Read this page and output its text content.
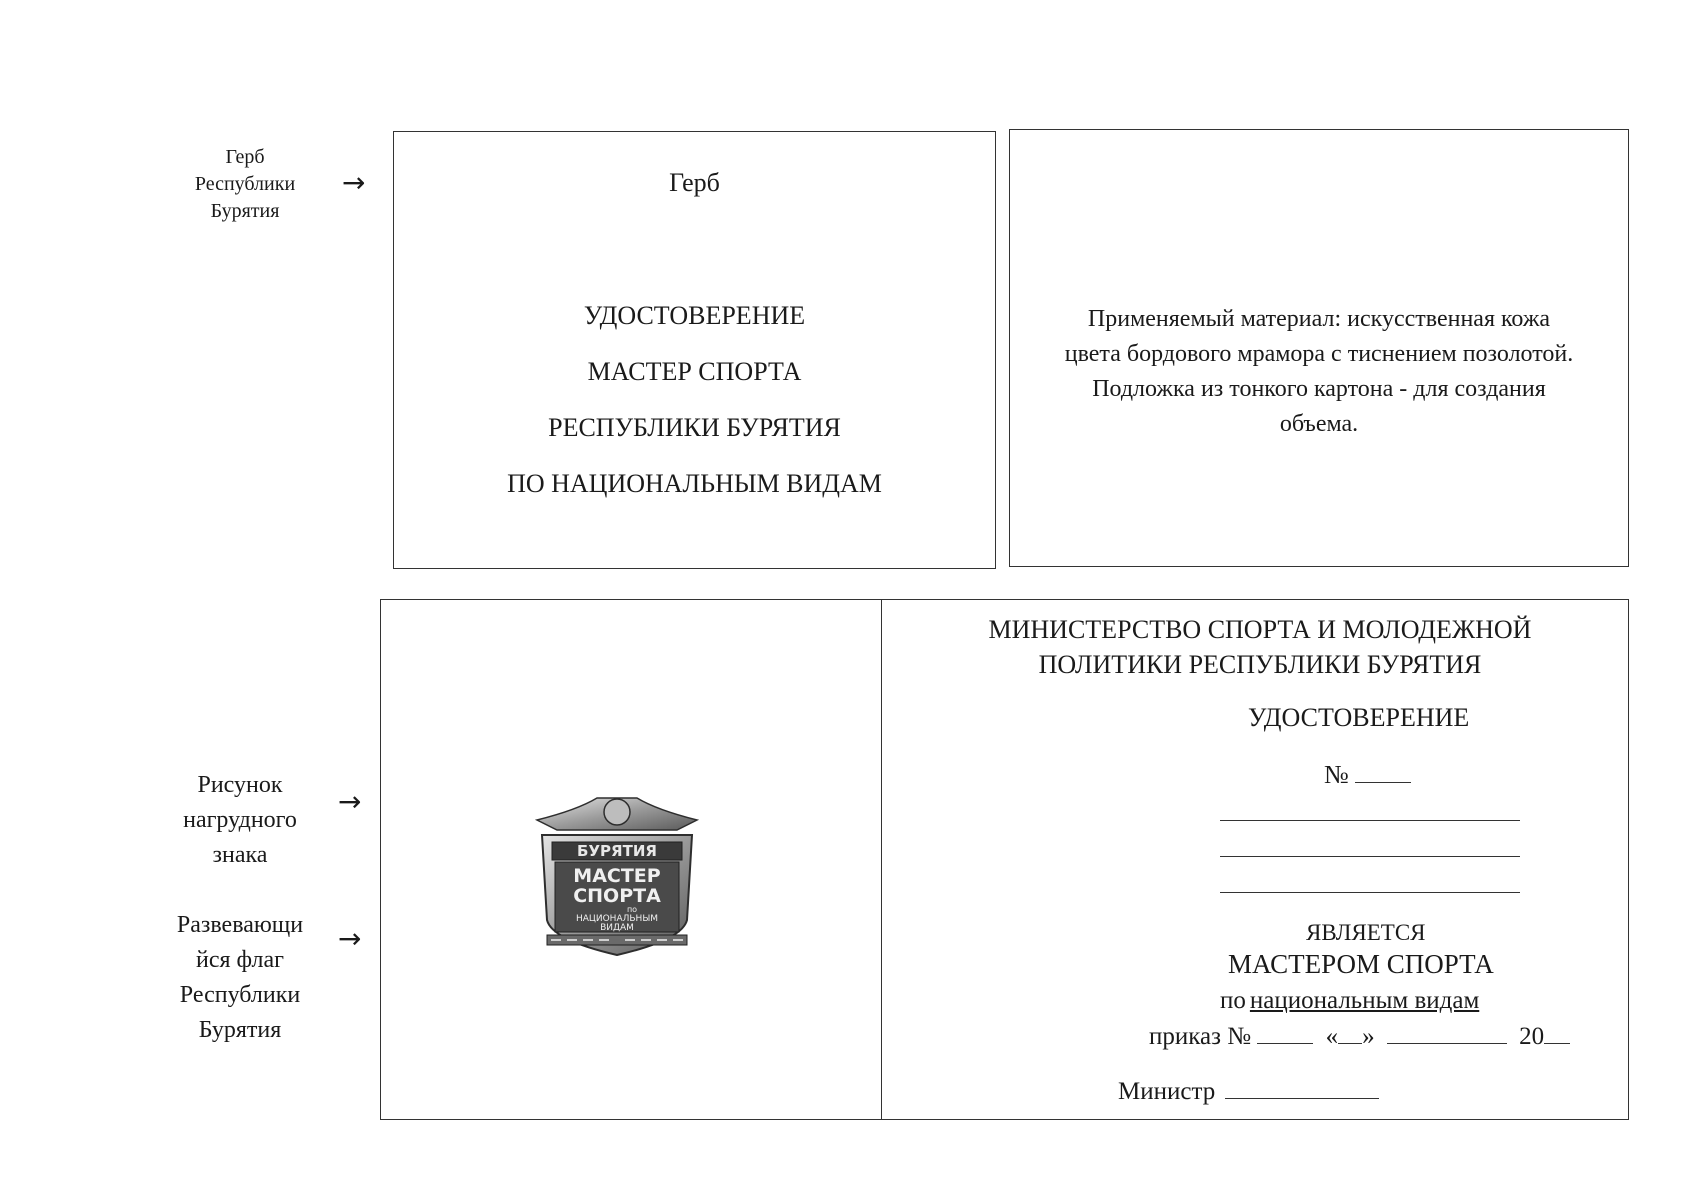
Герб
Республики
Бурятия
→
Рисунок
нагрудного
знака
→
Развевающи
йся флаг
Республики
Бурятия
→
Герб
УДОСТОВЕРЕНИЕ
МАСТЕР СПОРТА
РЕСПУБЛИКИ БУРЯТИЯ
ПО НАЦИОНАЛЬНЫМ ВИДАМ
Применяемый материал: искусственная кожа
цвета бордового мрамора с тиснением позолотой.
Подложка из тонкого картона - для создания
объема.
БУРЯТИЯ
МАСТЕР
СПОРТА
по
НАЦИОНАЛЬНЫМ
ВИДАМ
МИНИСТЕРСТВО СПОРТА И МОЛОДЕЖНОЙ
ПОЛИТИКИ РЕСПУБЛИКИ БУРЯТИЯ
УДОСТОВЕРЕНИЕ
№
ЯВЛЯЕТСЯ
МАСТЕРОМ СПОРТА
по национальным видам
приказ №	« »	20
Министр
